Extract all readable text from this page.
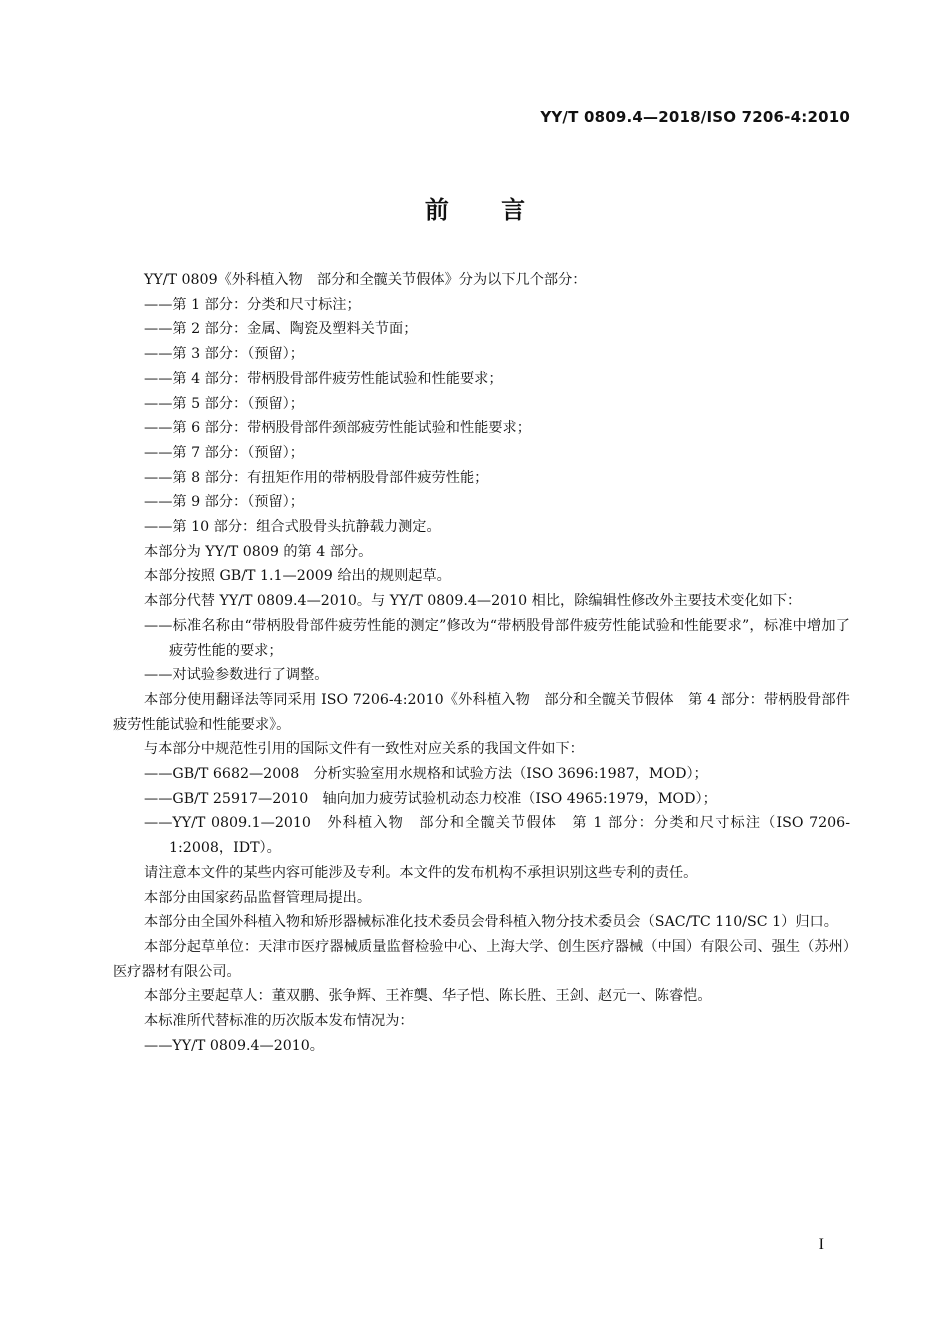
YY/T 0809.4—2018/ISO 7206-4:2010
前 言

YY/T 0809《外科植入物　部分和全髋关节假体》分为以下几个部分：

——第 1 部分：分类和尺寸标注；

——第 2 部分：金属、陶瓷及塑料关节面；

——第 3 部分：（预留）；

——第 4 部分：带柄股骨部件疲劳性能试验和性能要求；

——第 5 部分：（预留）；

——第 6 部分：带柄股骨部件颈部疲劳性能试验和性能要求；

——第 7 部分：（预留）；

——第 8 部分：有扭矩作用的带柄股骨部件疲劳性能；

——第 9 部分：（预留）；

——第 10 部分：组合式股骨头抗静载力测定。

本部分为 YY/T 0809 的第 4 部分。

本部分按照 GB/T 1.1—2009 给出的规则起草。

本部分代替 YY/T 0809.4—2010。与 YY/T 0809.4—2010 相比，除编辑性修改外主要技术变化如下：

——标准名称由“带柄股骨部件疲劳性能的测定”修改为“带柄股骨部件疲劳性能试验和性能要求”，标准中增加了疲劳性能的要求；

——对试验参数进行了调整。

本部分使用翻译法等同采用 ISO 7206-4:2010《外科植入物　部分和全髋关节假体　第 4 部分：带柄股骨部件疲劳性能试验和性能要求》。

与本部分中规范性引用的国际文件有一致性对应关系的我国文件如下：

——GB/T 6682—2008　分析实验室用水规格和试验方法（ISO 3696:1987，MOD）；

——GB/T 25917—2010　轴向加力疲劳试验机动态力校准（ISO 4965:1979，MOD）；

——YY/T 0809.1—2010　外科植入物　部分和全髋关节假体　第 1 部分：分类和尺寸标注（ISO 7206-1:2008，IDT）。

请注意本文件的某些内容可能涉及专利。本文件的发布机构不承担识别这些专利的责任。

本部分由国家药品监督管理局提出。

本部分由全国外科植入物和矫形器械标准化技术委员会骨科植入物分技术委员会（SAC/TC 110/SC 1）归口。

本部分起草单位：天津市医疗器械质量监督检验中心、上海大学、创生医疗器械（中国）有限公司、强生（苏州）医疗器材有限公司。

本部分主要起草人：董双鹏、张争辉、王祚龑、华子恺、陈长胜、王剑、赵元一、陈睿恺。

本标准所代替标准的历次版本发布情况为：

——YY/T 0809.4—2010。

I
